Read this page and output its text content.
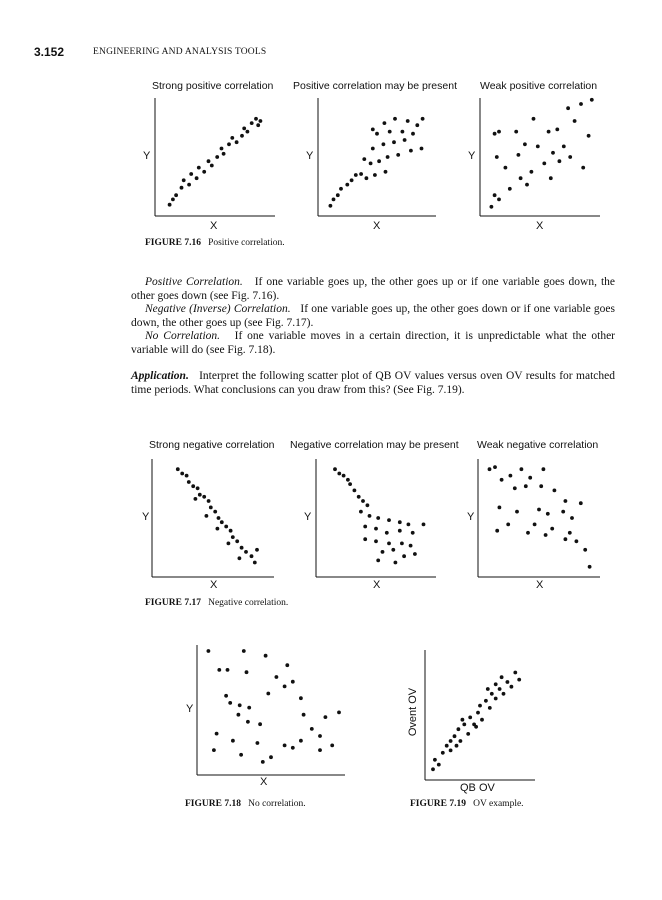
3.152	ENGINEERING AND ANALYSIS TOOLS
Strong positive correlation Positive correlation may be present Weak positive correlation
Y	Y	Y
X	X	X
FIGURE 7.16 Positive correlation.
Positive Correlation. If one variable goes up, the other goes up or if one variable goes down, the other goes down (see Fig. 7.16).
Negative (Inverse) Correlation. If one variable goes up, the other goes down or if one variable goes down, the other goes up (see Fig. 7.17).
No Correlation. If one variable moves in a certain direction, it is unpredictable what the other variable will do (see Fig. 7.18).
Application. Interpret the following scatter plot of QB OV values versus oven OV results for matched time periods. What conclusions can you draw from this? (See Fig. 7.19).
Strong negative correlation Negative correlation may be present Weak negative correlation
Y	Y	Y
X	X	X
FIGURE 7.17 Negative correlation.
Y
X
FIGURE 7.18 No correlation.
Ovent OV
QB OV
FIGURE 7.19 OV example.
